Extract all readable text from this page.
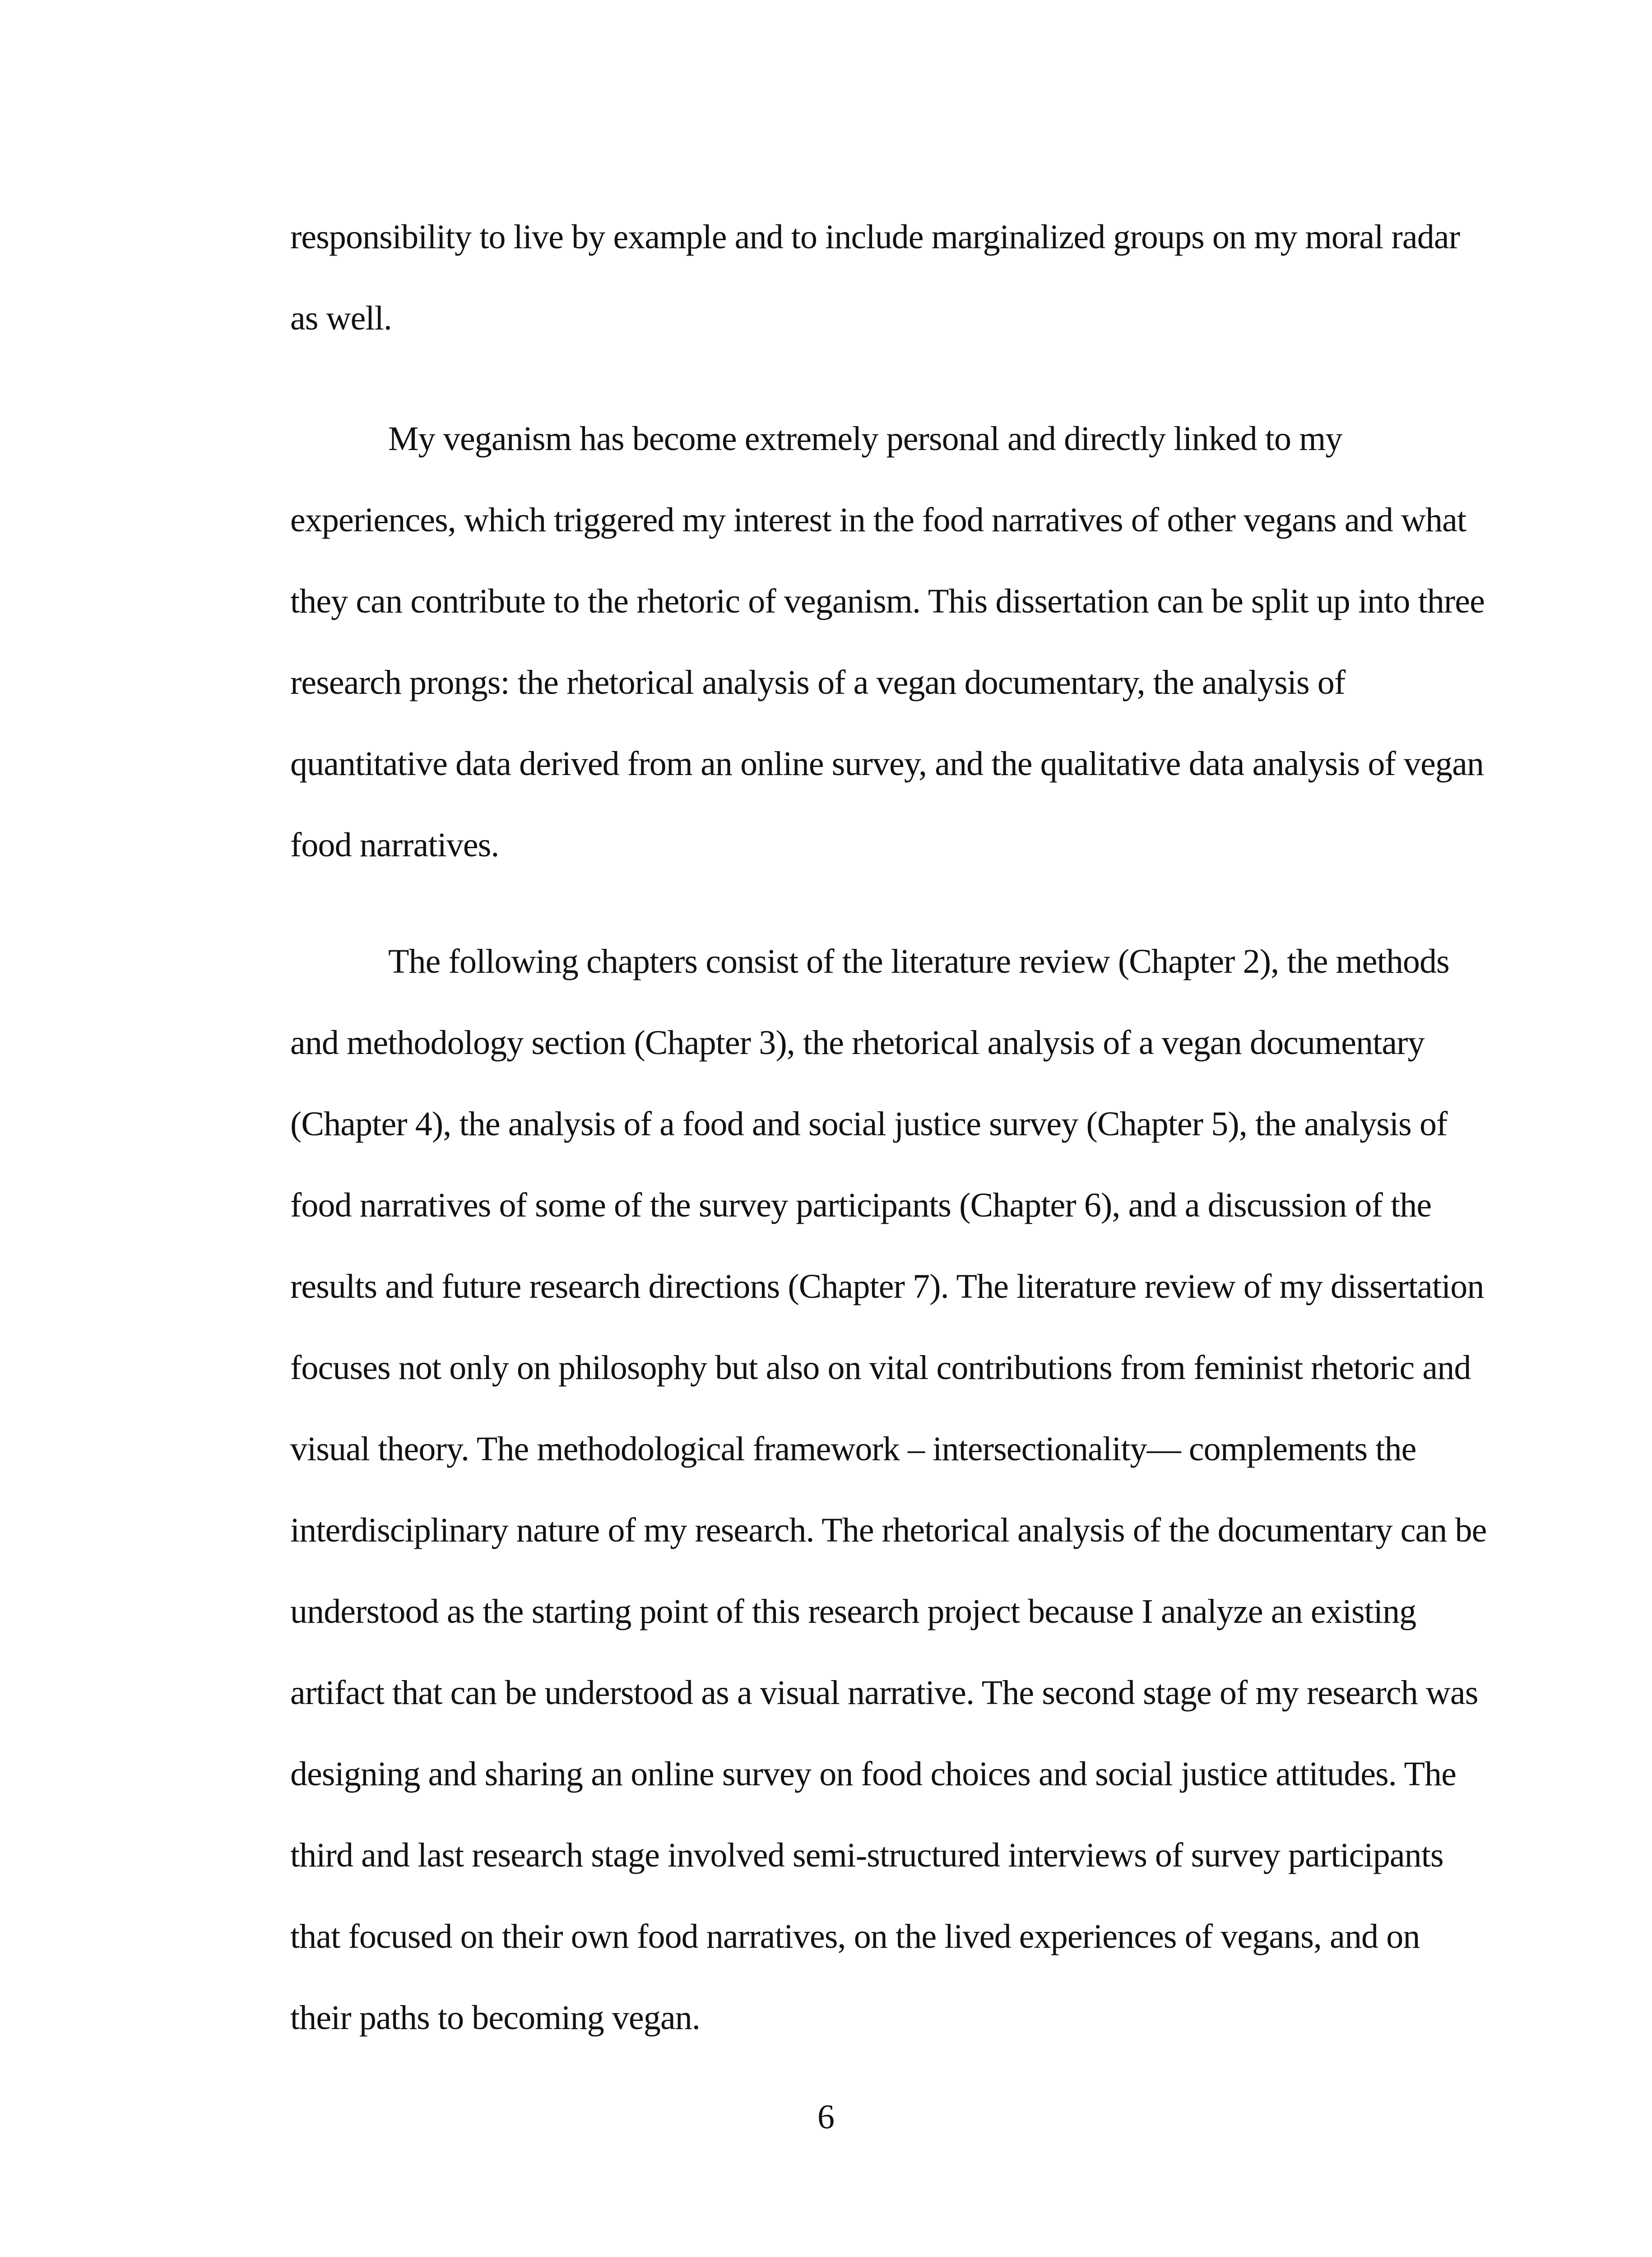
responsibility to live by example and to include marginalized groups on my moral radar
as well.
My veganism has become extremely personal and directly linked to my
experiences, which triggered my interest in the food narratives of other vegans and what
they can contribute to the rhetoric of veganism. This dissertation can be split up into three
research prongs: the rhetorical analysis of a vegan documentary, the analysis of
quantitative data derived from an online survey, and the qualitative data analysis of vegan
food narratives.
The following chapters consist of the literature review (Chapter 2), the methods
and methodology section (Chapter 3), the rhetorical analysis of a vegan documentary
(Chapter 4), the analysis of a food and social justice survey (Chapter 5), the analysis of
food narratives of some of the survey participants (Chapter 6), and a discussion of the
results and future research directions (Chapter 7). The literature review of my dissertation
focuses not only on philosophy but also on vital contributions from feminist rhetoric and
visual theory. The methodological framework – intersectionality— complements the
interdisciplinary nature of my research. The rhetorical analysis of the documentary can be
understood as the starting point of this research project because I analyze an existing
artifact that can be understood as a visual narrative. The second stage of my research was
designing and sharing an online survey on food choices and social justice attitudes. The
third and last research stage involved semi-structured interviews of survey participants
that focused on their own food narratives, on the lived experiences of vegans, and on
their paths to becoming vegan.
6
